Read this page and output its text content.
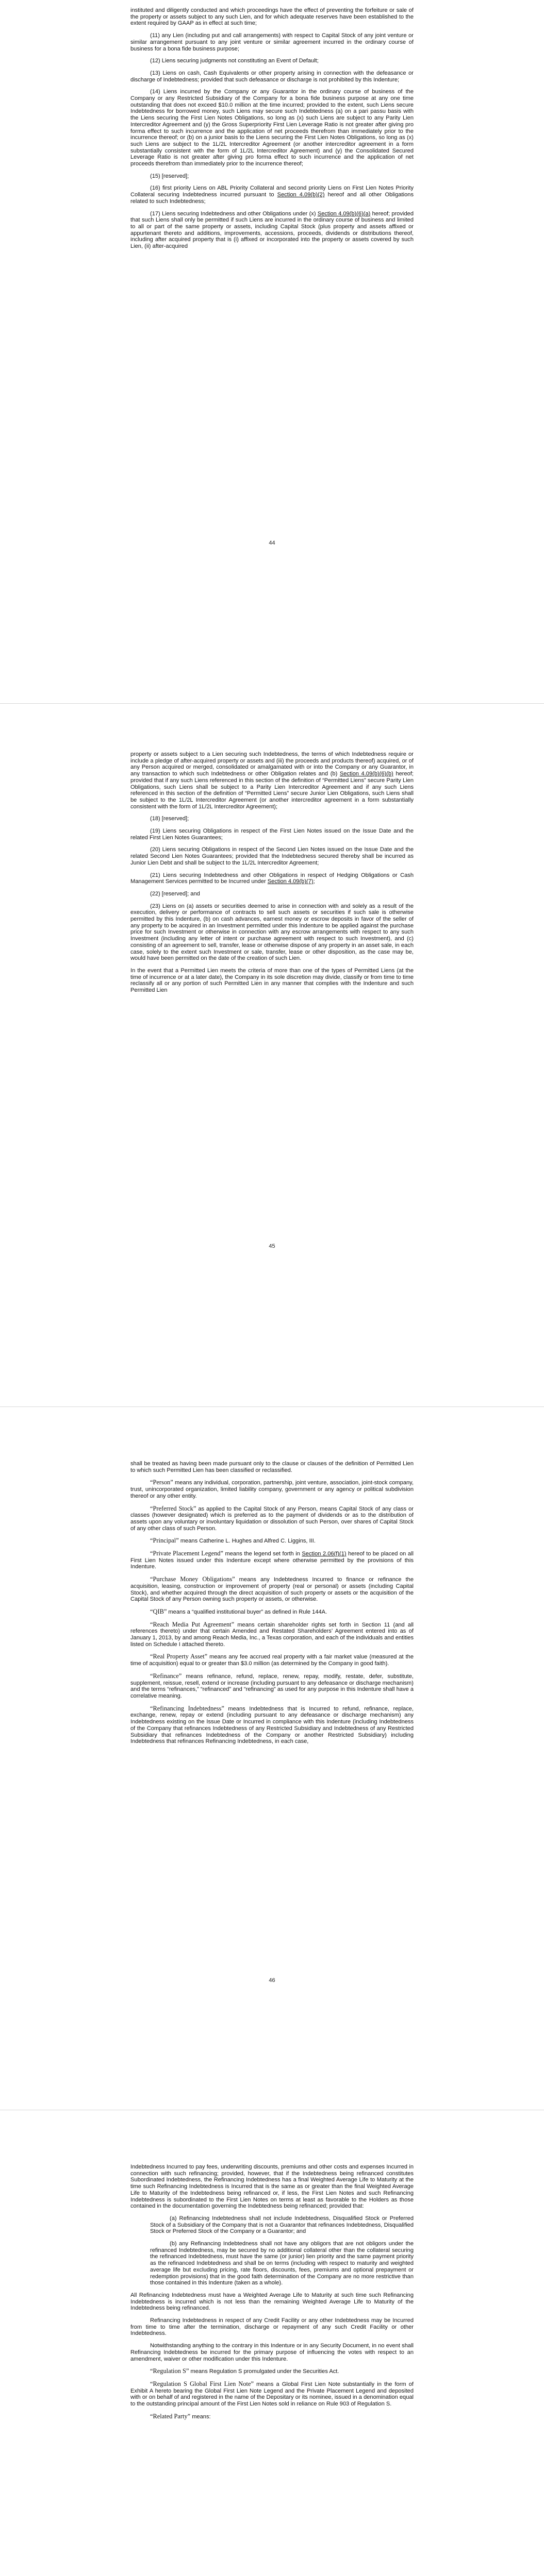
instituted and diligently conducted and which proceedings have the effect of preventing the forfeiture or sale of the property or assets subject to any such Lien, and for which adequate reserves have been established to the extent required by GAAP as in effect at such time;

(11) any Lien (including put and call arrangements) with respect to Capital Stock of any joint venture or similar arrangement pursuant to any joint venture or similar agreement incurred in the ordinary course of business for a bona fide business purpose;

(12) Liens securing judgments not constituting an Event of Default;

(13) Liens on cash, Cash Equivalents or other property arising in connection with the defeasance or discharge of Indebtedness; provided that such defeasance or discharge is not prohibited by this Indenture;

(14) Liens incurred by the Company or any Guarantor in the ordinary course of business of the Company or any Restricted Subsidiary of the Company for a bona fide business purpose at any one time outstanding that does not exceed $10.0 million at the time incurred; provided to the extent, such Liens secure Indebtedness for borrowed money, such Liens may secure such Indebtedness (a) on a pari passu basis with the Liens securing the First Lien Notes Obligations, so long as (x) such Liens are subject to any Parity Lien Intercreditor Agreement and (y) the Gross Superpriority First Lien Leverage Ratio is not greater after giving pro forma effect to such incurrence and the application of net proceeds therefrom than immediately prior to the incurrence thereof; or (b) on a junior basis to the Liens securing the First Lien Notes Obligations, so long as (x) such Liens are subject to the 1L/2L Intercreditor Agreement (or another intercreditor agreement in a form substantially consistent with the form of 1L/2L Intercreditor Agreement) and (y) the Consolidated Secured Leverage Ratio is not greater after giving pro forma effect to such incurrence and the application of net proceeds therefrom than immediately prior to the incurrence thereof;

(15) [reserved];

(16) first priority Liens on ABL Priority Collateral and second priority Liens on First Lien Notes Priority Collateral securing Indebtedness incurred pursuant to Section 4.09(b)(2) hereof and all other Obligations related to such Indebtedness;

(17) Liens securing Indebtedness and other Obligations under (x) Section 4.09(b)(6)(a) hereof; provided that such Liens shall only be permitted if such Liens are incurred in the ordinary course of business and limited to all or part of the same property or assets, including Capital Stock (plus property and assets affixed or appurtenant thereto and additions, improvements, accessions, proceeds, dividends or distributions thereof, including after acquired property that is (i) affixed or incorporated into the property or assets covered by such Lien, (ii) after-acquired

44

property or assets subject to a Lien securing such Indebtedness, the terms of which Indebtedness require or include a pledge of after-acquired property or assets and (iii) the proceeds and products thereof) acquired, or of any Person acquired or merged, consolidated or amalgamated with or into the Company or any Guarantor, in any transaction to which such Indebtedness or other Obligation relates and (b) Section 4.09(b)(6)(b) hereof; provided that if any such Liens referenced in this section of the definition of “Permitted Liens” secure Parity Lien Obligations, such Liens shall be subject to a Parity Lien Intercreditor Agreement and if any such Liens referenced in this section of the definition of “Permitted Liens” secure Junior Lien Obligations, such Liens shall be subject to the 1L/2L Intercreditor Agreement (or another intercreditor agreement in a form substantially consistent with the form of 1L/2L Intercreditor Agreement);

(18) [reserved];

(19) Liens securing Obligations in respect of the First Lien Notes issued on the Issue Date and the related First Lien Notes Guarantees;

(20) Liens securing Obligations in respect of the Second Lien Notes issued on the Issue Date and the related Second Lien Notes Guarantees; provided that the Indebtedness secured thereby shall be incurred as Junior Lien Debt and shall be subject to the 1L/2L Intercreditor Agreement;

(21) Liens securing Indebtedness and other Obligations in respect of Hedging Obligations or Cash Management Services permitted to be Incurred under Section 4.09(b)(7);

(22) [reserved]; and

(23) Liens on (a) assets or securities deemed to arise in connection with and solely as a result of the execution, delivery or performance of contracts to sell such assets or securities if such sale is otherwise permitted by this Indenture, (b) on cash advances, earnest money or escrow deposits in favor of the seller of any property to be acquired in an Investment permitted under this Indenture to be applied against the purchase price for such Investment or otherwise in connection with any escrow arrangements with respect to any such Investment (including any letter of intent or purchase agreement with respect to such Investment), and (c) consisting of an agreement to sell, transfer, lease or otherwise dispose of any property in an asset sale, in each case, solely to the extent such Investment or sale, transfer, lease or other disposition, as the case may be, would have been permitted on the date of the creation of such Lien.

In the event that a Permitted Lien meets the criteria of more than one of the types of Permitted Liens (at the time of incurrence or at a later date), the Company in its sole discretion may divide, classify or from time to time reclassify all or any portion of such Permitted Lien in any manner that complies with the Indenture and such Permitted Lien

45

shall be treated as having been made pursuant only to the clause or clauses of the definition of Permitted Lien to which such Permitted Lien has been classified or reclassified.

“Person” means any individual, corporation, partnership, joint venture, association, joint-stock company, trust, unincorporated organization, limited liability company, government or any agency or political subdivision thereof or any other entity.

“Preferred Stock” as applied to the Capital Stock of any Person, means Capital Stock of any class or classes (however designated) which is preferred as to the payment of dividends or as to the distribution of assets upon any voluntary or involuntary liquidation or dissolution of such Person, over shares of Capital Stock of any other class of such Person.

“Principal” means Catherine L. Hughes and Alfred C. Liggins, III.

“Private Placement Legend” means the legend set forth in Section 2.06(f)(1) hereof to be placed on all First Lien Notes issued under this Indenture except where otherwise permitted by the provisions of this Indenture.

“Purchase Money Obligations” means any Indebtedness Incurred to finance or refinance the acquisition, leasing, construction or improvement of property (real or personal) or assets (including Capital Stock), and whether acquired through the direct acquisition of such property or assets or the acquisition of the Capital Stock of any Person owning such property or assets, or otherwise.

“QIB” means a “qualified institutional buyer” as defined in Rule 144A.

“Reach Media Put Agreement” means certain shareholder rights set forth in Section 11 (and all references thereto) under that certain Amended and Restated Shareholders’ Agreement entered into as of January 1, 2013, by and among Reach Media, Inc., a Texas corporation, and each of the individuals and entities listed on Schedule I attached thereto.

“Real Property Asset” means any fee accrued real property with a fair market value (measured at the time of acquisition) equal to or greater than $3.0 million (as determined by the Company in good faith).

“Refinance” means refinance, refund, replace, renew, repay, modify, restate, defer, substitute, supplement, reissue, resell, extend or increase (including pursuant to any defeasance or discharge mechanism) and the terms “refinances,” “refinanced” and “refinancing” as used for any purpose in this Indenture shall have a correlative meaning.

“Refinancing Indebtedness” means Indebtedness that is Incurred to refund, refinance, replace, exchange, renew, repay or extend (including pursuant to any defeasance or discharge mechanism) any Indebtedness existing on the Issue Date or Incurred in compliance with this Indenture (including Indebtedness of the Company that refinances Indebtedness of any Restricted Subsidiary and Indebtedness of any Restricted Subsidiary that refinances Indebtedness of the Company or another Restricted Subsidiary) including Indebtedness that refinances Refinancing Indebtedness, in each case,

46

Indebtedness Incurred to pay fees, underwriting discounts, premiums and other costs and expenses Incurred in connection with such refinancing; provided, however, that if the Indebtedness being refinanced constitutes Subordinated Indebtedness, the Refinancing Indebtedness has a final Weighted Average Life to Maturity at the time such Refinancing Indebtedness is Incurred that is the same as or greater than the final Weighted Average Life to Maturity of the Indebtedness being refinanced or, if less, the First Lien Notes and such Refinancing Indebtedness is subordinated to the First Lien Notes on terms at least as favorable to the Holders as those contained in the documentation governing the Indebtedness being refinanced; provided that:

(a) Refinancing Indebtedness shall not include Indebtedness, Disqualified Stock or Preferred Stock of a Subsidiary of the Company that is not a Guarantor that refinances Indebtedness, Disqualified Stock or Preferred Stock of the Company or a Guarantor; and

(b) any Refinancing Indebtedness shall not have any obligors that are not obligors under the refinanced Indebtedness, may be secured by no additional collateral other than the collateral securing the refinanced Indebtedness, must have the same (or junior) lien priority and the same payment priority as the refinanced Indebtedness and shall be on terms (including with respect to maturity and weighted average life but excluding pricing, rate floors, discounts, fees, premiums and optional prepayment or redemption provisions) that in the good faith determination of the Company are no more restrictive than those contained in this Indenture (taken as a whole).

All Refinancing Indebtedness must have a Weighted Average Life to Maturity at such time such Refinancing Indebtedness is incurred which is not less than the remaining Weighted Average Life to Maturity of the Indebtedness being refinanced.

Refinancing Indebtedness in respect of any Credit Facility or any other Indebtedness may be Incurred from time to time after the termination, discharge or repayment of any such Credit Facility or other Indebtedness.

Notwithstanding anything to the contrary in this Indenture or in any Security Document, in no event shall Refinancing Indebtedness be incurred for the primary purpose of influencing the votes with respect to an amendment, waiver or other modification under this Indenture.

“Regulation S” means Regulation S promulgated under the Securities Act.

“Regulation S Global First Lien Note” means a Global First Lien Note substantially in the form of Exhibit A hereto bearing the Global First Lien Note Legend and the Private Placement Legend and deposited with or on behalf of and registered in the name of the Depositary or its nominee, issued in a denomination equal to the outstanding principal amount of the First Lien Notes sold in reliance on Rule 903 of Regulation S.

“Related Party” means:
